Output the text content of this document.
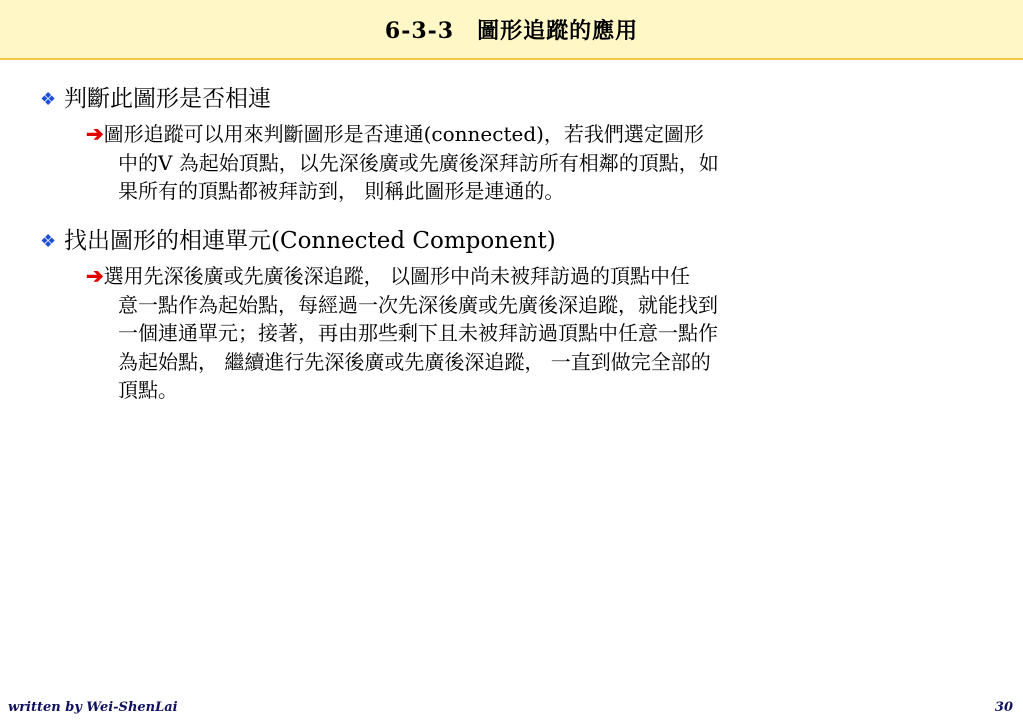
6-3-3　圖形追蹤的應用
❖ 判斷此圖形是否相連
➔圖形追蹤可以用來判斷圖形是否連通(connected)，若我們選定圖形
中的V 為起始頂點，以先深後廣或先廣後深拜訪所有相鄰的頂點，如
果所有的頂點都被拜訪到， 則稱此圖形是連通的。
❖ 找出圖形的相連單元(Connected Component)
➔選用先深後廣或先廣後深追蹤， 以圖形中尚未被拜訪過的頂點中任
意一點作為起始點，每經過一次先深後廣或先廣後深追蹤，就能找到
一個連通單元；接著，再由那些剩下且未被拜訪過頂點中任意一點作
為起始點， 繼續進行先深後廣或先廣後深追蹤， 一直到做完全部的
頂點。
written by Wei-ShenLai	30
